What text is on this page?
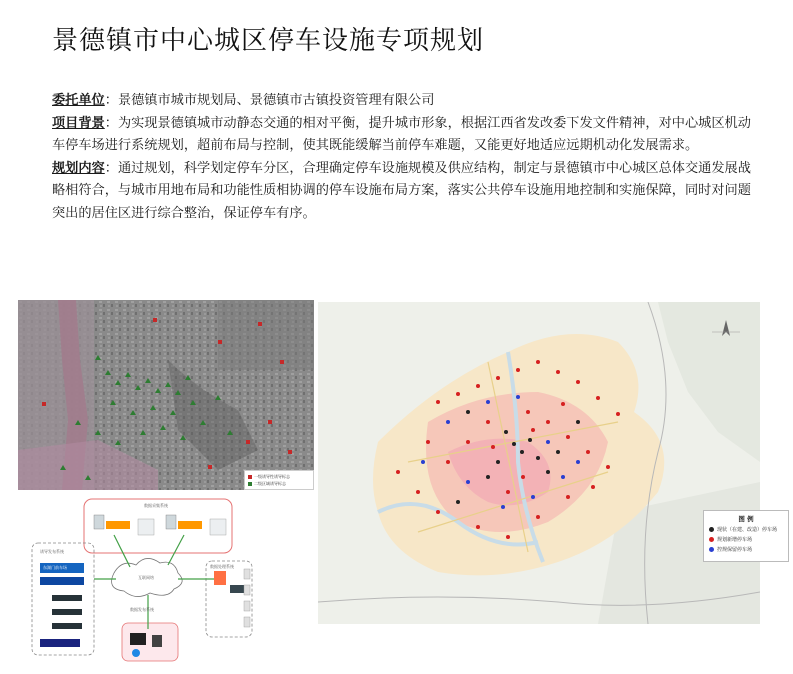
景德镇市中心城区停车设施专项规划

委托单位：景德镇市城市规划局、景德镇市古镇投资管理有限公司

项目背景：为实现景德镇城市动静态交通的相对平衡，提升城市形象，根据江西省发改委下发文件精神，对中心城区机动车停车场进行系统规划，超前布局与控制，使其既能缓解当前停车难题，又能更好地适应远期机动化发展需求。

规划内容：通过规划，科学划定停车分区，合理确定停车设施规模及供应结构，制定与景德镇市中心城区总体交通发展战略相符合，与城市用地布局和功能性质相协调的停车设施布局方案，落实公共停车设施用地控制和实施保障，同时对问题突出的居住区进行综合整治，保证停车有序。

一级诱导性诱导标志
二级区域诱导标志
数据采集系统
诱导发布系统
互联网络
数据处理系统
数据发布系统
东湖门前车场
图 例
现状（在建、改造）停车场
规划新增停车场
控规保留停车场
